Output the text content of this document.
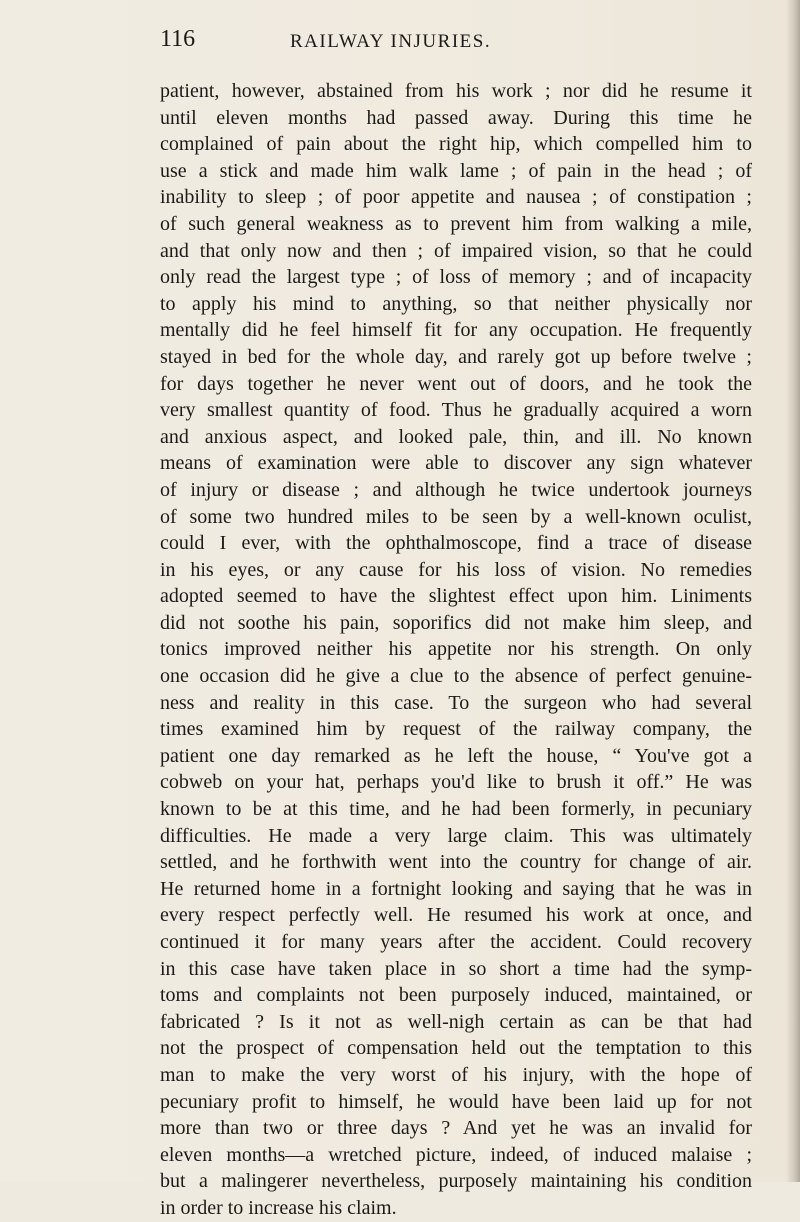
116	RAILWAY INJURIES.
patient, however, abstained from his work ; nor did he resume it
until eleven months had passed away. During this time he
complained of pain about the right hip, which compelled him to
use a stick and made him walk lame ; of pain in the head ; of
inability to sleep ; of poor appetite and nausea ; of constipation ;
of such general weakness as to prevent him from walking a mile,
and that only now and then ; of impaired vision, so that he could
only read the largest type ; of loss of memory ; and of incapacity
to apply his mind to anything, so that neither physically nor
mentally did he feel himself fit for any occupation. He frequently
stayed in bed for the whole day, and rarely got up before twelve ;
for days together he never went out of doors, and he took the
very smallest quantity of food. Thus he gradually acquired a worn
and anxious aspect, and looked pale, thin, and ill. No known
means of examination were able to discover any sign whatever
of injury or disease ; and although he twice undertook journeys
of some two hundred miles to be seen by a well-known oculist,
could I ever, with the ophthalmoscope, find a trace of disease
in his eyes, or any cause for his loss of vision. No remedies
adopted seemed to have the slightest effect upon him. Liniments
did not soothe his pain, soporifics did not make him sleep, and
tonics improved neither his appetite nor his strength. On only
one occasion did he give a clue to the absence of perfect genuine-
ness and reality in this case. To the surgeon who had several
times examined him by request of the railway company, the
patient one day remarked as he left the house, “ You've got a
cobweb on your hat, perhaps you'd like to brush it off.” He was
known to be at this time, and he had been formerly, in pecuniary
difficulties. He made a very large claim. This was ultimately
settled, and he forthwith went into the country for change of air.
He returned home in a fortnight looking and saying that he was in
every respect perfectly well. He resumed his work at once, and
continued it for many years after the accident. Could recovery
in this case have taken place in so short a time had the symp-
toms and complaints not been purposely induced, maintained, or
fabricated ? Is it not as well-nigh certain as can be that had
not the prospect of compensation held out the temptation to this
man to make the very worst of his injury, with the hope of
pecuniary profit to himself, he would have been laid up for not
more than two or three days ? And yet he was an invalid for
eleven months—a wretched picture, indeed, of induced malaise ;
but a malingerer nevertheless, purposely maintaining his condition
in order to increase his claim.
